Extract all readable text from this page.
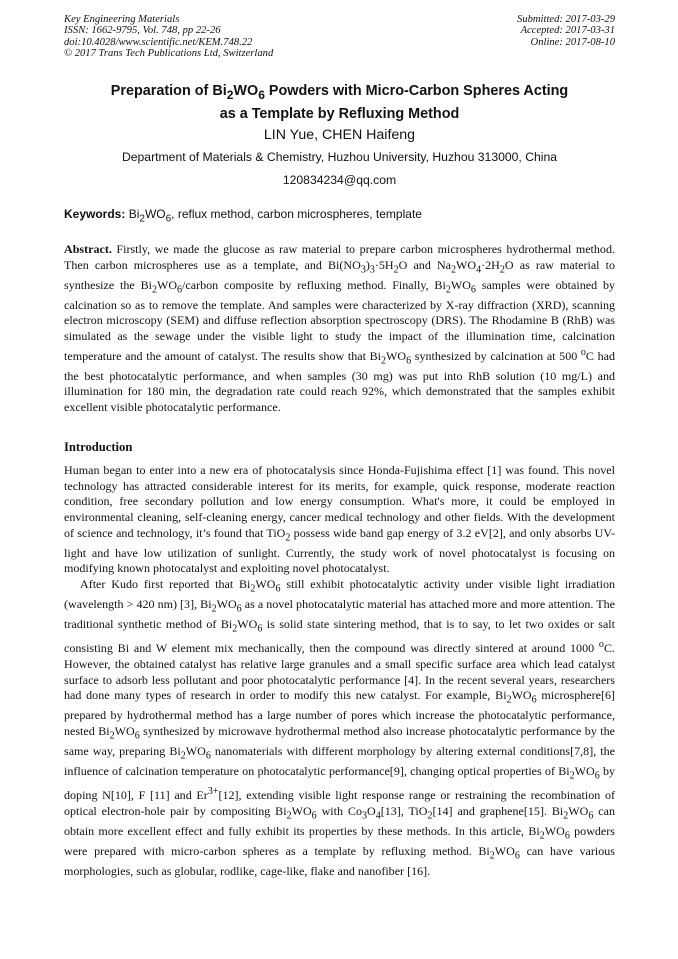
Key Engineering Materials
ISSN: 1662-9795, Vol. 748, pp 22-26
doi:10.4028/www.scientific.net/KEM.748.22
© 2017 Trans Tech Publications Ltd, Switzerland
Submitted: 2017-03-29
Accepted: 2017-03-31
Online: 2017-08-10
Preparation of $Bi_2WO_6$ Powders with Micro-Carbon Spheres Acting
as a Template by Refluxing Method
LIN Yue, CHEN Haifeng
Department of Materials & Chemistry, Huzhou University, Huzhou 313000, China
120834234@qq.com
Keywords: $Bi_2WO_6$, reflux method, carbon microspheres, template
Abstract. Firstly, we made the glucose as raw material to prepare carbon microspheres hydrothermal method. Then carbon microspheres use as a template, and $Bi(NO_3)_3\cdot 5H_2O$ and $Na_2WO_4\cdot 2H_2O$ as raw material to synthesize the $Bi_2WO_6$/carbon composite by refluxing method. Finally, $Bi_2WO_6$ samples were obtained by calcination so as to remove the template. And samples were characterized by X-ray diffraction (XRD), scanning electron microscopy (SEM) and diffuse reflection absorption spectroscopy (DRS). The Rhodamine B (RhB) was simulated as the sewage under the visible light to study the impact of the illumination time, calcination temperature and the amount of catalyst. The results show that $Bi_2WO_6$ synthesized by calcination at 500 $^o$C had the best photocatalytic performance, and when samples (30 mg) was put into RhB solution (10 mg/L) and illumination for 180 min, the degradation rate could reach 92%, which demonstrated that the samples exhibit excellent visible photocatalytic performance.
Introduction

Human began to enter into a new era of photocatalysis since Honda-Fujishima effect [1] was found. This novel technology has attracted considerable interest for its merits, for example, quick response, moderate reaction condition, free secondary pollution and low energy consumption. What's more, it could be employed in environmental cleaning, self-cleaning energy, cancer medical technology and other fields. With the development of science and technology, it’s found that TiO$_2$ possess wide band gap energy of 3.2 eV[2], and only absorbs UV-light and have low utilization of sunlight. Currently, the study work of novel photocatalyst is focusing on modifying known photocatalyst and exploiting novel photocatalyst.

After Kudo first reported that $Bi_2WO_6$ still exhibit photocatalytic activity under visible light irradiation (wavelength > 420 nm) [3], $Bi_2WO_6$ as a novel photocatalytic material has attached more and more attention. The traditional synthetic method of $Bi_2WO_6$ is solid state sintering method, that is to say, to let two oxides or salt consisting Bi and W element mix mechanically, then the compound was directly sintered at around 1000 $^o$C. However, the obtained catalyst has relative large granules and a small specific surface area which lead catalyst surface to adsorb less pollutant and poor photocatalytic performance [4]. In the recent several years, researchers had done many types of research in order to modify this new catalyst. For example, $Bi_2WO_6$ microsphere[6] prepared by hydrothermal method has a large number of pores which increase the photocatalytic performance, nested $Bi_2WO_6$ synthesized by microwave hydrothermal method also increase photocatalytic performance by the same way, preparing $Bi_2WO_6$ nanomaterials with different morphology by altering external conditions[7,8], the influence of calcination temperature on photocatalytic performance[9], changing optical properties of $Bi_2WO_6$ by doping N[10], F [11] and $Er^{3+}[12]$, extending visible light response range or restraining the recombination of optical electron-hole pair by compositing $Bi_2WO_6$ with $Co_3O_4[13]$, TiO$_2$[14] and graphene[15]. $Bi_2WO_6$ can obtain more excellent effect and fully exhibit its properties by these methods. In this article, $Bi_2WO_6$ powders were prepared with micro-carbon spheres as a template by refluxing method. $Bi_2WO_6$ can have various morphologies, such as globular, rodlike, cage-like, flake and nanofiber [16].
